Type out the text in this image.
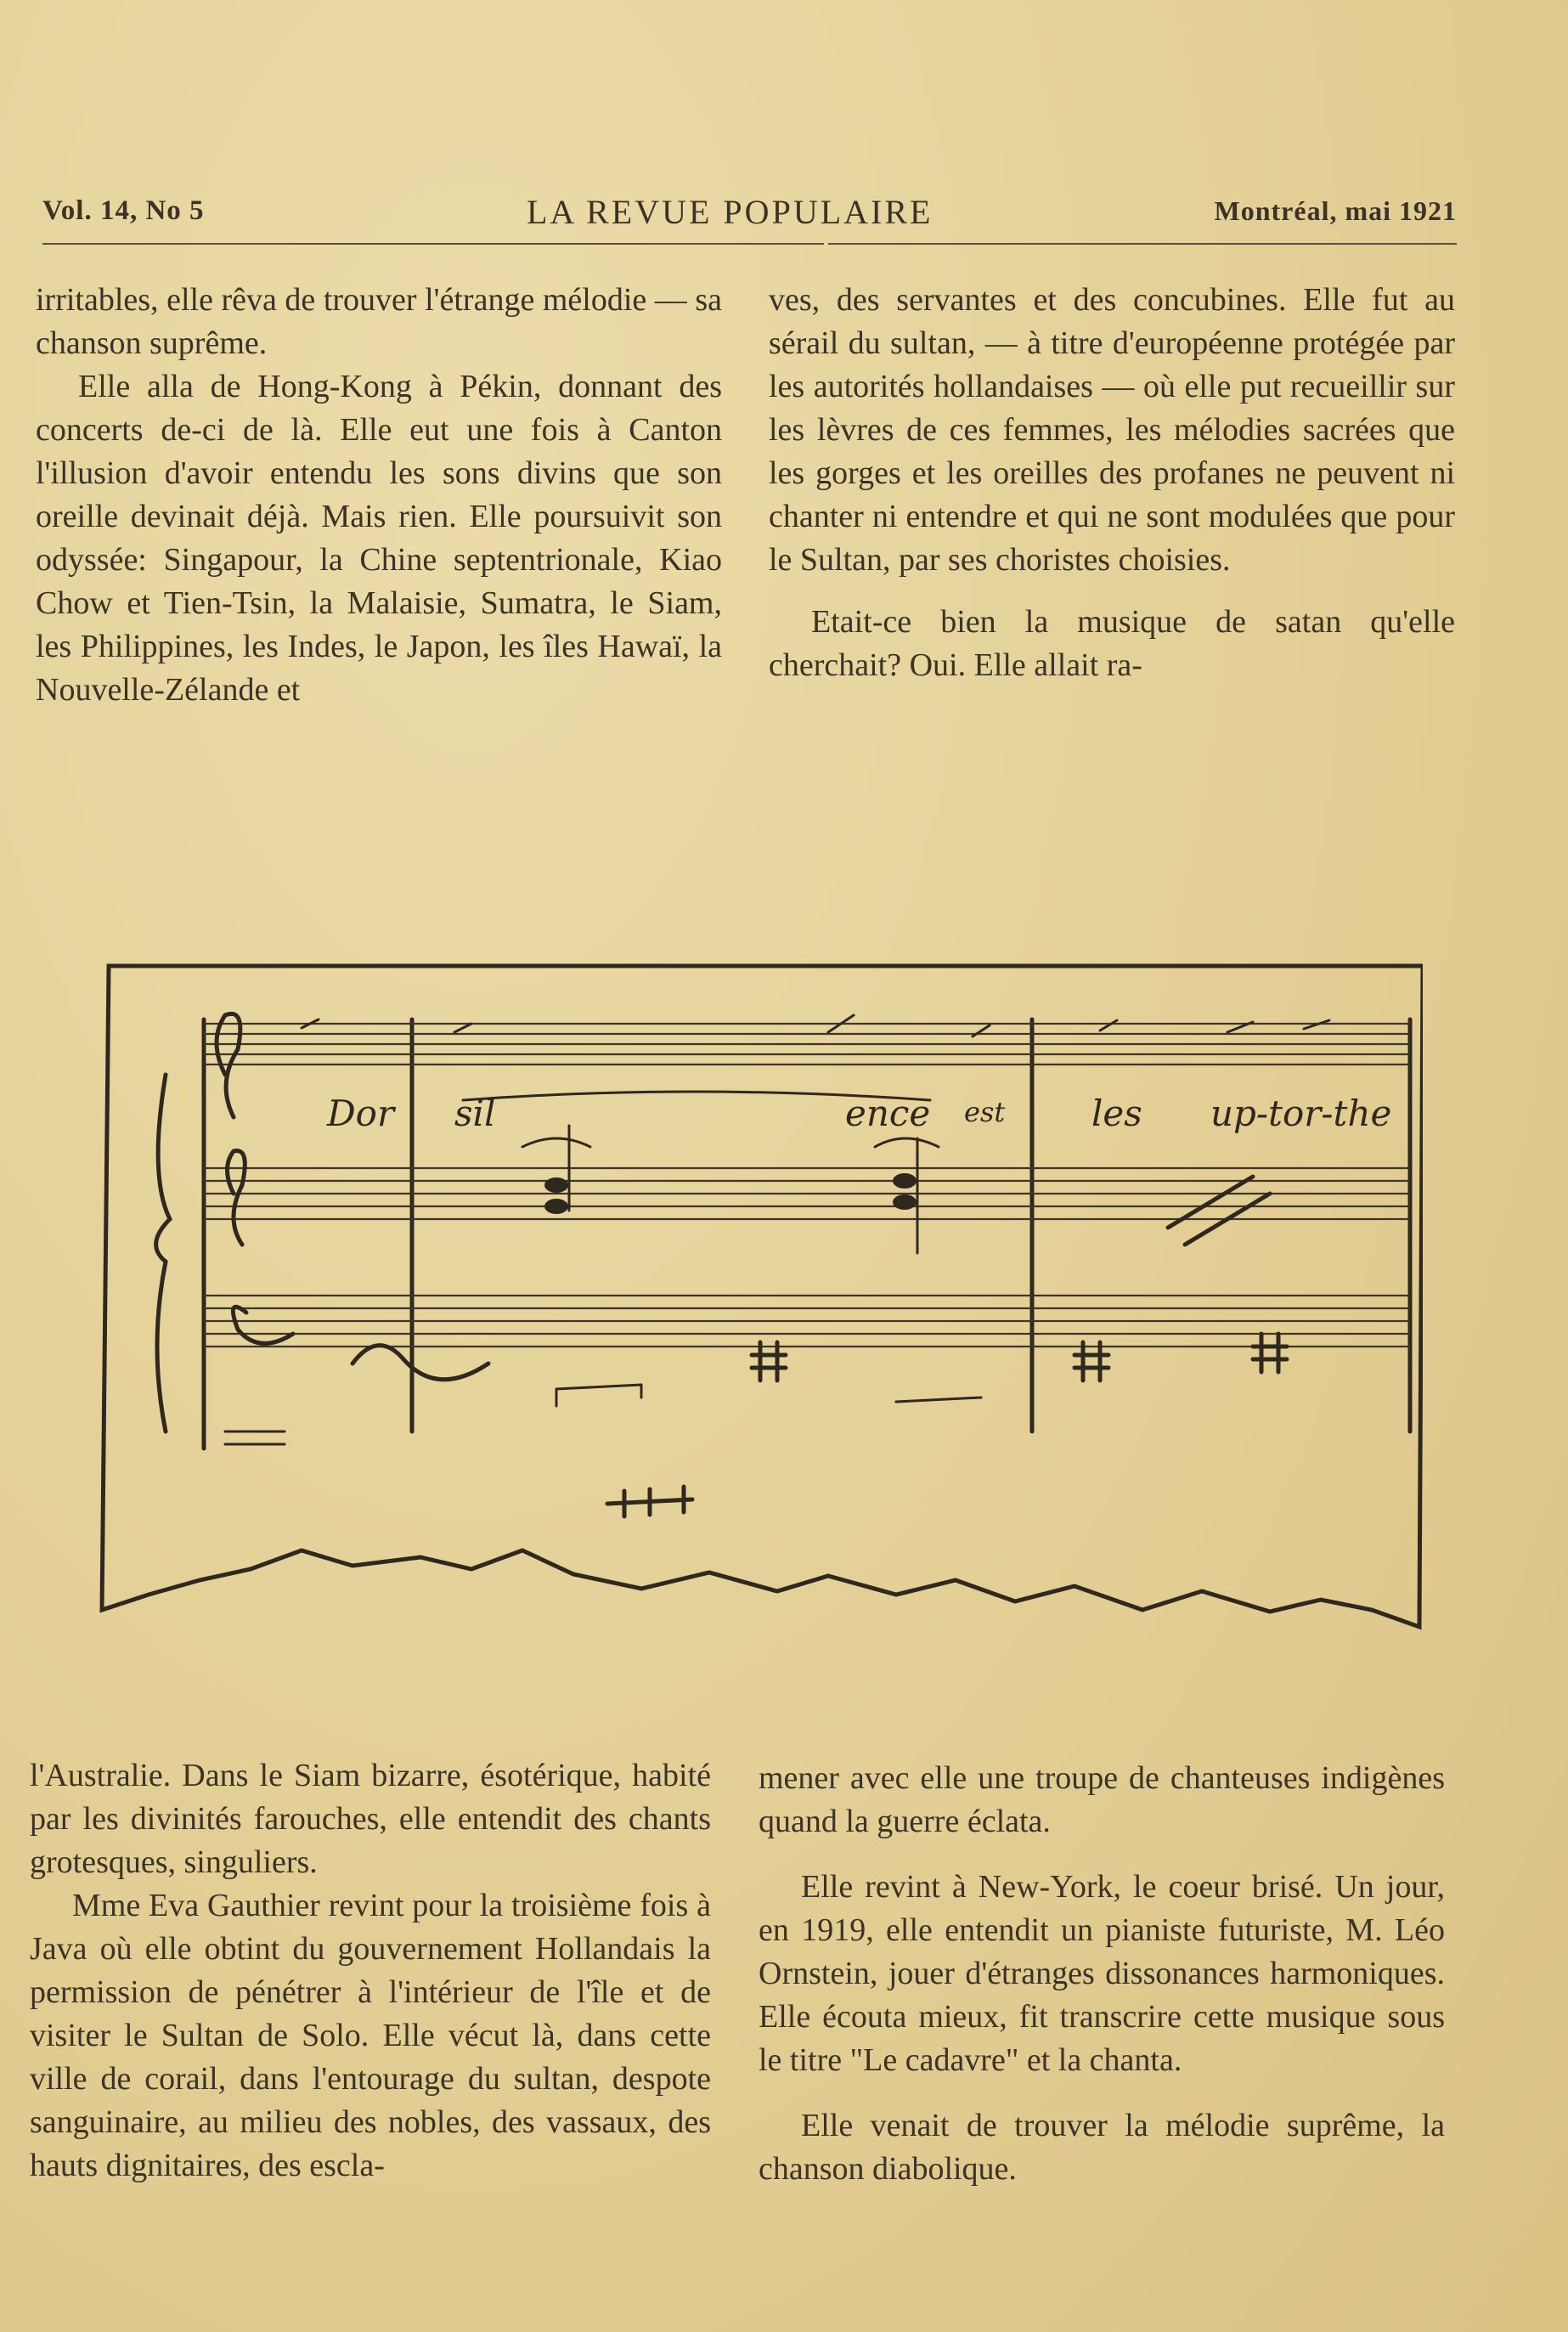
Vol. 14, No 5	LA REVUE POPULAIRE	Montréal, mai 1921

irritables, elle rêva de trouver l'étrange mélodie — sa chanson suprême.

Elle alla de Hong-Kong à Pékin, donnant des concerts de-ci de là. Elle eut une fois à Canton l'illusion d'avoir entendu les sons divins que son oreille devinait déjà. Mais rien. Elle poursuivit son odyssée: Singapour, la Chine septentrionale, Kiao Chow et Tien-Tsin, la Malaisie, Sumatra, le Siam, les Philippines, les Indes, le Japon, les îles Hawaï, la Nouvelle-Zélande et

ves, des servantes et des concubines. Elle fut au sérail du sultan, — à titre d'européenne protégée par les autorités hollandaises — où elle put recueillir sur les lèvres de ces femmes, les mélodies sacrées que les gorges et les oreilles des profanes ne peuvent ni chanter ni entendre et qui ne sont modulées que pour le Sultan, par ses choristes choisies.

Etait-ce bien la musique de satan qu'elle cherchait? Oui. Elle allait ra-

Dor sil	ence est les up-tor-the

l'Australie. Dans le Siam bizarre, ésotérique, habité par les divinités farouches, elle entendit des chants grotesques, singuliers.

Mme Eva Gauthier revint pour la troisième fois à Java où elle obtint du gouvernement Hollandais la permission de pénétrer à l'intérieur de l'île et de visiter le Sultan de Solo. Elle vécut là, dans cette ville de corail, dans l'entourage du sultan, despote sanguinaire, au milieu des nobles, des vassaux, des hauts dignitaires, des escla-

mener avec elle une troupe de chanteuses indigènes quand la guerre éclata.

Elle revint à New-York, le coeur brisé. Un jour, en 1919, elle entendit un pianiste futuriste, M. Léo Ornstein, jouer d'étranges dissonances harmoniques. Elle écouta mieux, fit transcrire cette musique sous le titre "Le cadavre" et la chanta.

Elle venait de trouver la mélodie suprême, la chanson diabolique.
